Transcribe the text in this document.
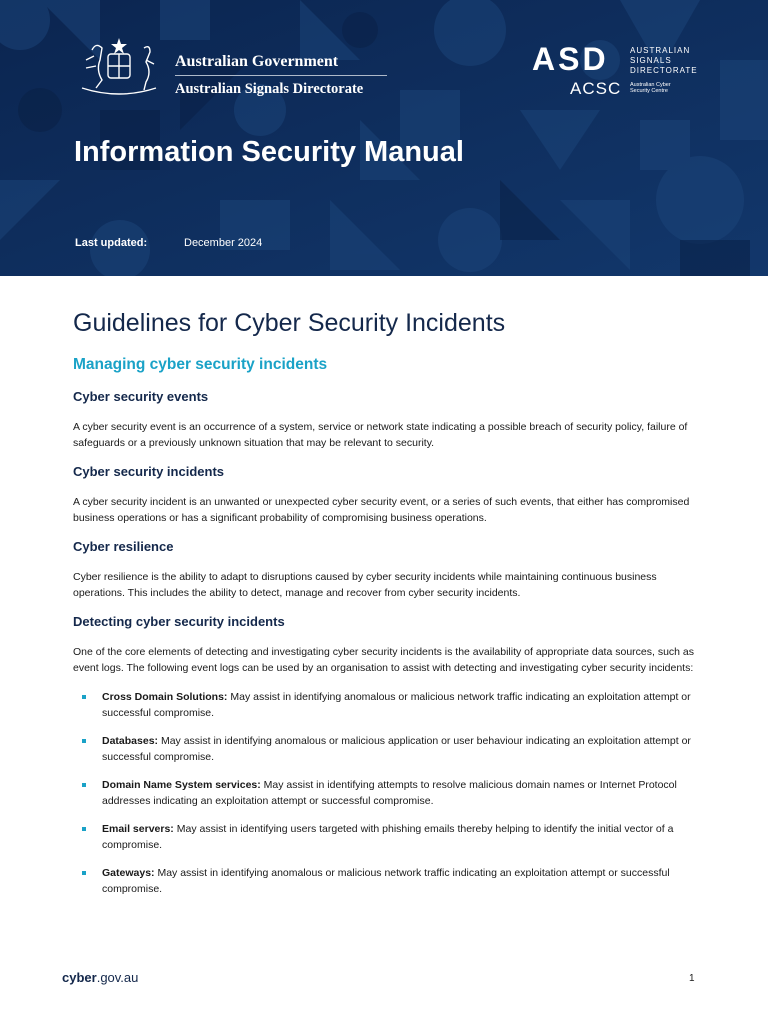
Australian Government
Australian Signals Directorate
ASD	AUSTRALIAN SIGNALS DIRECTORATE
ACSC Australian Cyber Security Centre
Information Security Manual
Last updated:	December 2024
Guidelines for Cyber Security Incidents
Managing cyber security incidents
Cyber security events

A cyber security event is an occurrence of a system, service or network state indicating a possible breach of security policy, failure of safeguards or a previously unknown situation that may be relevant to security.

Cyber security incidents

A cyber security incident is an unwanted or unexpected cyber security event, or a series of such events, that either has compromised business operations or has a significant probability of compromising business operations.

Cyber resilience

Cyber resilience is the ability to adapt to disruptions caused by cyber security incidents while maintaining continuous business operations. This includes the ability to detect, manage and recover from cyber security incidents.

Detecting cyber security incidents

One of the core elements of detecting and investigating cyber security incidents is the availability of appropriate data sources, such as event logs. The following event logs can be used by an organisation to assist with detecting and investigating cyber security incidents:

Cross Domain Solutions: May assist in identifying anomalous or malicious network traffic indicating an exploitation attempt or successful compromise.
Databases: May assist in identifying anomalous or malicious application or user behaviour indicating an exploitation attempt or successful compromise.
Domain Name System services: May assist in identifying attempts to resolve malicious domain names or Internet Protocol addresses indicating an exploitation attempt or successful compromise.
Email servers: May assist in identifying users targeted with phishing emails thereby helping to identify the initial vector of a compromise.
Gateways: May assist in identifying anomalous or malicious network traffic indicating an exploitation attempt or successful compromise.
cyber.gov.au	1
